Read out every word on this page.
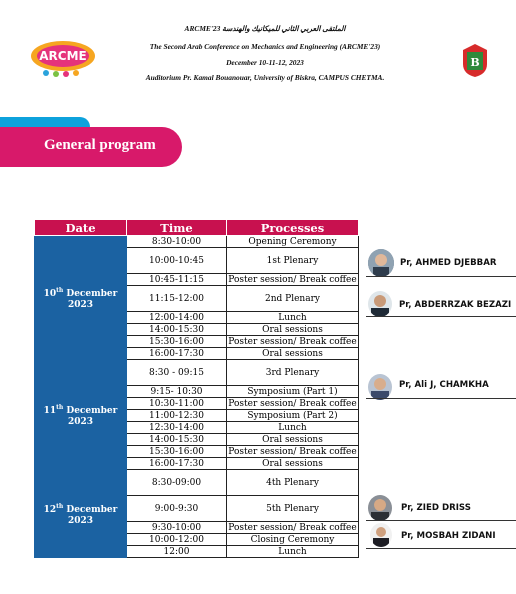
ARCME'23 الملتقى العربي الثاني للميكانيك والهندسة
The Second Arab Conference on Mechanics and Engineering (ARCME'23)
December 10-11-12, 2023
Auditorium Pr. Kamal Bouanouar, University of Biskra, CAMPUS CHETMA.
ARCME	B
General program
Date	Time	Processes
10th December
2023	8:30-10:00	Opening Ceremony
	10:00-10:45	1st Plenary
	10:45-11:15	Poster session/ Break coffee
	11:15-12:00	2nd Plenary
	12:00-14:00	Lunch
	14:00-15:30	Oral sessions
	15:30-16:00	Poster session/ Break coffee
	16:00-17:30	Oral sessions
11th December
2023	8:30 - 09:15	3rd Plenary
	9:15- 10:30	Symposium (Part 1)
	10:30-11:00	Poster session/ Break coffee
	11:00-12:30	Symposium (Part 2)
	12:30-14:00	Lunch
	14:00-15:30	Oral sessions
	15:30-16:00	Poster session/ Break coffee
	16:00-17:30	Oral sessions
12th December
2023	8:30-09:00	4th Plenary
	9:00-9:30	5th Plenary
	9:30-10:00	Poster session/ Break coffee
	10:00-12:00	Closing Ceremony
	12:00	Lunch
Pr, AHMED DJEBBAR
Pr, ABDERRZAK BEZAZI
Pr, Ali J, CHAMKHA
Pr, ZIED DRISS
Pr, MOSBAH ZIDANI
